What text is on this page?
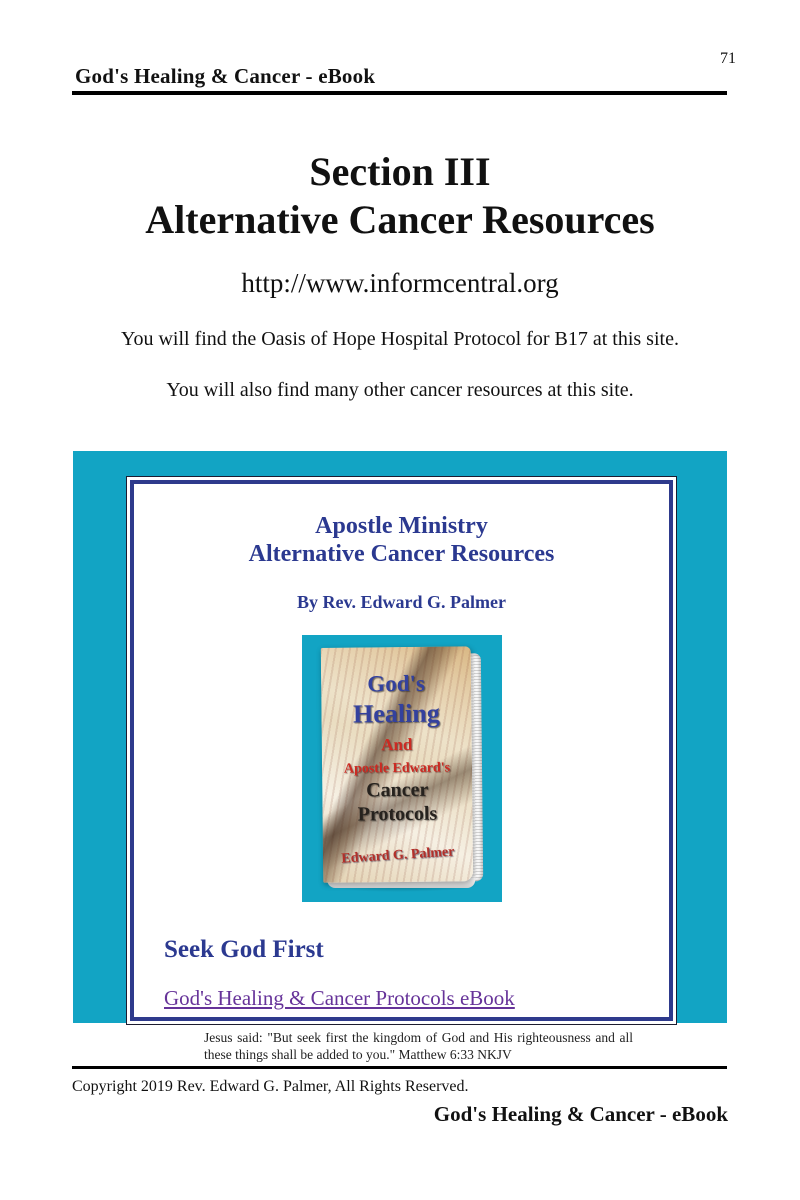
71
God's Healing & Cancer - eBook
Section III
Alternative Cancer Resources
http://www.informcentral.org
You will find the Oasis of Hope Hospital Protocol for B17 at this site.
You will also find many other cancer resources at this site.
Apostle Ministry
Alternative Cancer Resources
By Rev. Edward G. Palmer
God's
Healing
And
Apostle Edward's
Cancer
Protocols
Edward G. Palmer
Seek God First
God's Healing & Cancer Protocols eBook
Jesus said: "But seek first the kingdom of God and His righteousness and all these things shall be added to you." Matthew 6:33 NKJV
Copyright 2019 Rev. Edward G. Palmer, All Rights Reserved.
God's Healing & Cancer - eBook
